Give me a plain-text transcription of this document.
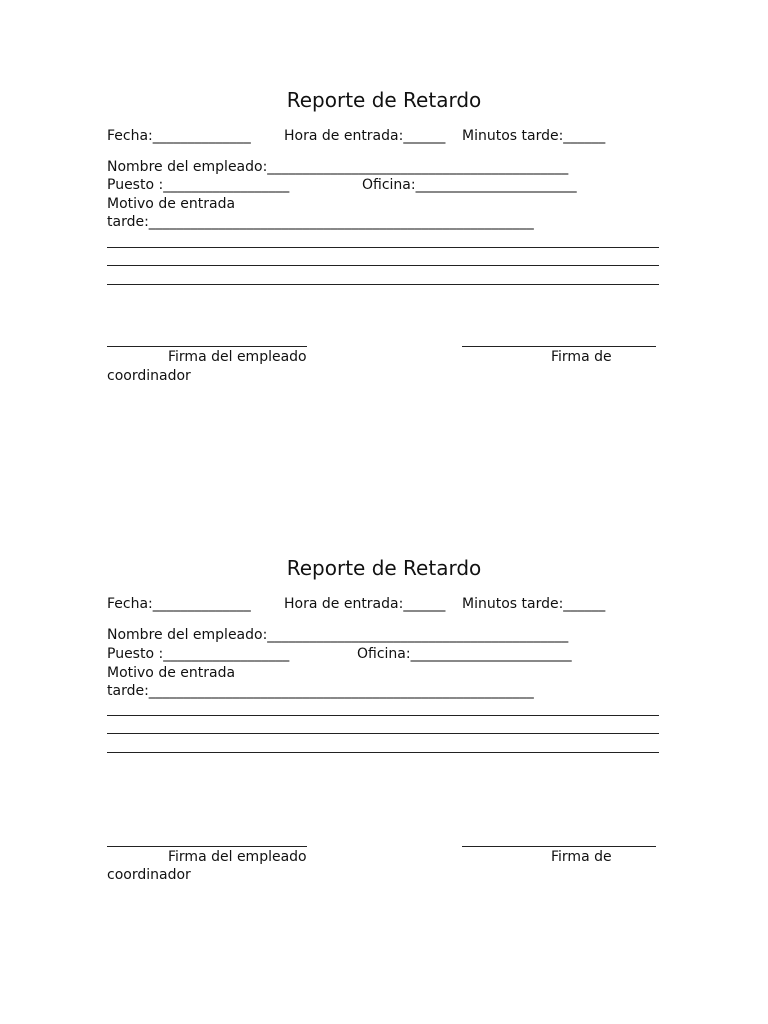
Reporte de Retardo

Fecha:______________ Hora de entrada:______ Minutos tarde:______

Nombre del empleado:___________________________________________

Puesto :__________________	Oficina:_______________________

Motivo de entrada

tarde:_______________________________________________________

Firma del empleado	Firma de

coordinador

Reporte de Retardo

Fecha:______________ Hora de entrada:______ Minutos tarde:______

Nombre del empleado:___________________________________________

Puesto :__________________	Oficina:_______________________

Motivo de entrada

tarde:_______________________________________________________

Firma del empleado	Firma de

coordinador
